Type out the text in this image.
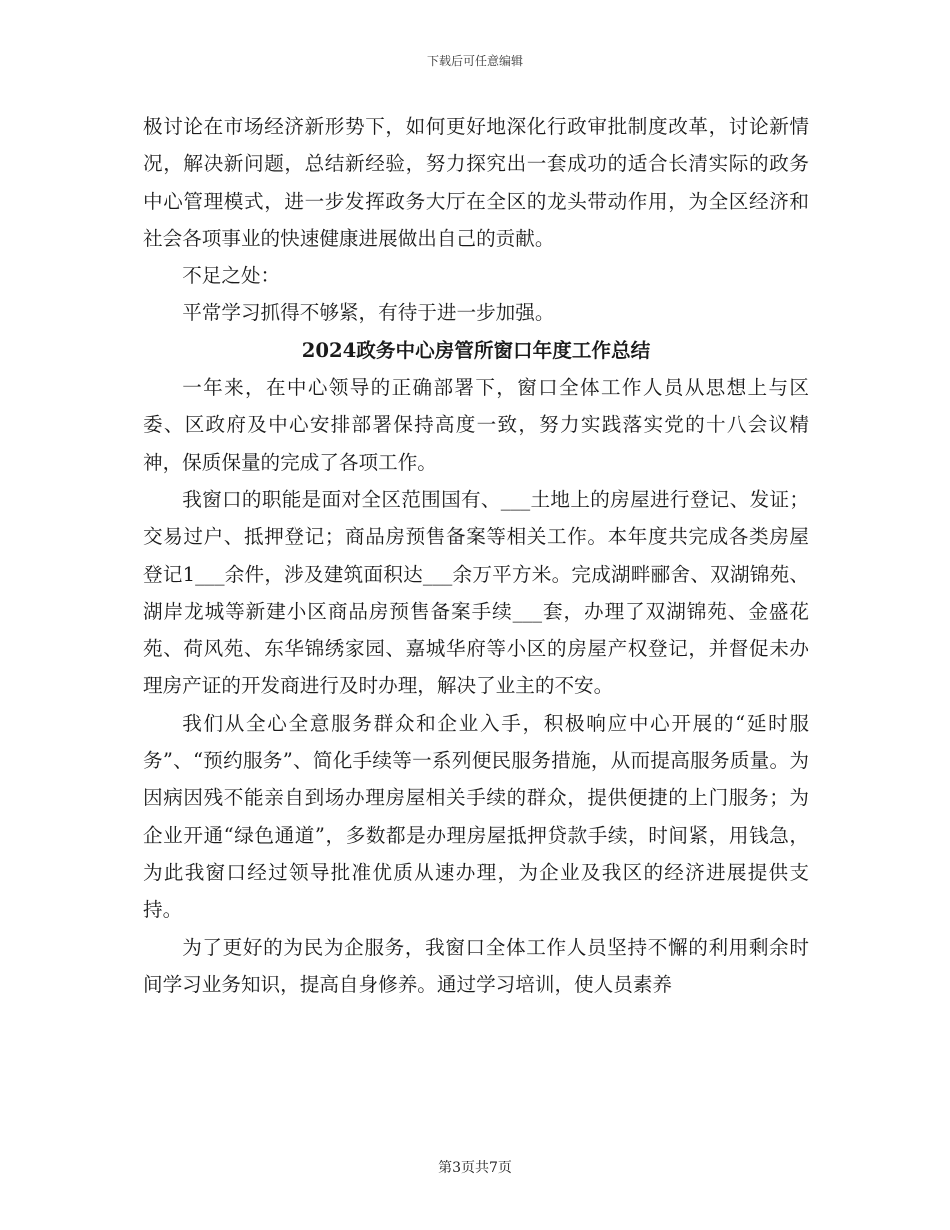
下载后可任意编辑

极讨论在市场经济新形势下，如何更好地深化行政审批制度改革，讨论新情况，解决新问题，总结新经验，努力探究出一套成功的适合长清实际的政务中心管理模式，进一步发挥政务大厅在全区的龙头带动作用，为全区经济和社会各项事业的快速健康进展做出自己的贡献。

不足之处：

平常学习抓得不够紧，有待于进一步加强。

2024政务中心房管所窗口年度工作总结

一年来，在中心领导的正确部署下，窗口全体工作人员从思想上与区委、区政府及中心安排部署保持高度一致，努力实践落实党的十八会议精神，保质保量的完成了各项工作。

我窗口的职能是面对全区范围国有、___土地上的房屋进行登记、发证；交易过户、抵押登记；商品房预售备案等相关工作。本年度共完成各类房屋登记1___余件，涉及建筑面积达___余万平方米。完成湖畔郦舍、双湖锦苑、湖岸龙城等新建小区商品房预售备案手续___套，办理了双湖锦苑、金盛花苑、荷风苑、东华锦绣家园、嘉城华府等小区的房屋产权登记，并督促未办理房产证的开发商进行及时办理，解决了业主的不安。

我们从全心全意服务群众和企业入手，积极响应中心开展的“延时服务”、“预约服务”、简化手续等一系列便民服务措施，从而提高服务质量。为因病因残不能亲自到场办理房屋相关手续的群众，提供便捷的上门服务；为企业开通“绿色通道”，多数都是办理房屋抵押贷款手续，时间紧，用钱急，为此我窗口经过领导批准优质从速办理，为企业及我区的经济进展提供支持。

为了更好的为民为企服务，我窗口全体工作人员坚持不懈的利用剩余时间学习业务知识，提高自身修养。通过学习培训，使人员素养

第3页共7页
